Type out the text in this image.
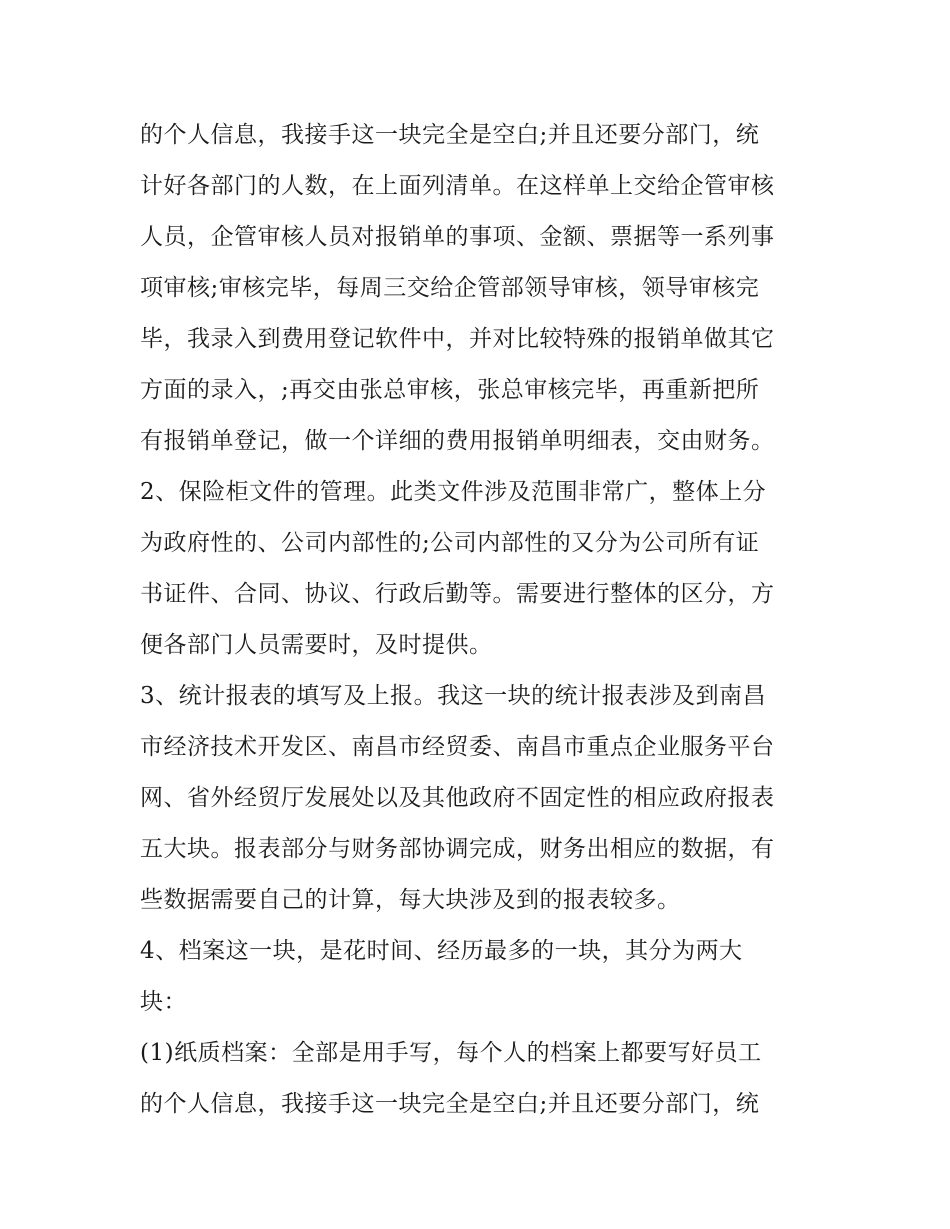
的个人信息，我接手这一块完全是空白;并且还要分部门，统
计好各部门的人数，在上面列清单。在这样单上交给企管审核
人员，企管审核人员对报销单的事项、金额、票据等一系列事
项审核;审核完毕，每周三交给企管部领导审核，领导审核完
毕，我录入到费用登记软件中，并对比较特殊的报销单做其它
方面的录入，;再交由张总审核，张总审核完毕，再重新把所
有报销单登记，做一个详细的费用报销单明细表，交由财务。
2、保险柜文件的管理。此类文件涉及范围非常广，整体上分
为政府性的、公司内部性的;公司内部性的又分为公司所有证
书证件、合同、协议、行政后勤等。需要进行整体的区分，方
便各部门人员需要时，及时提供。
3、统计报表的填写及上报。我这一块的统计报表涉及到南昌
市经济技术开发区、南昌市经贸委、南昌市重点企业服务平台
网、省外经贸厅发展处以及其他政府不固定性的相应政府报表
五大块。报表部分与财务部协调完成，财务出相应的数据，有
些数据需要自己的计算，每大块涉及到的报表较多。
4、档案这一块，是花时间、经历最多的一块，其分为两大
块：
(1)纸质档案：全部是用手写，每个人的档案上都要写好员工
的个人信息，我接手这一块完全是空白;并且还要分部门，统
